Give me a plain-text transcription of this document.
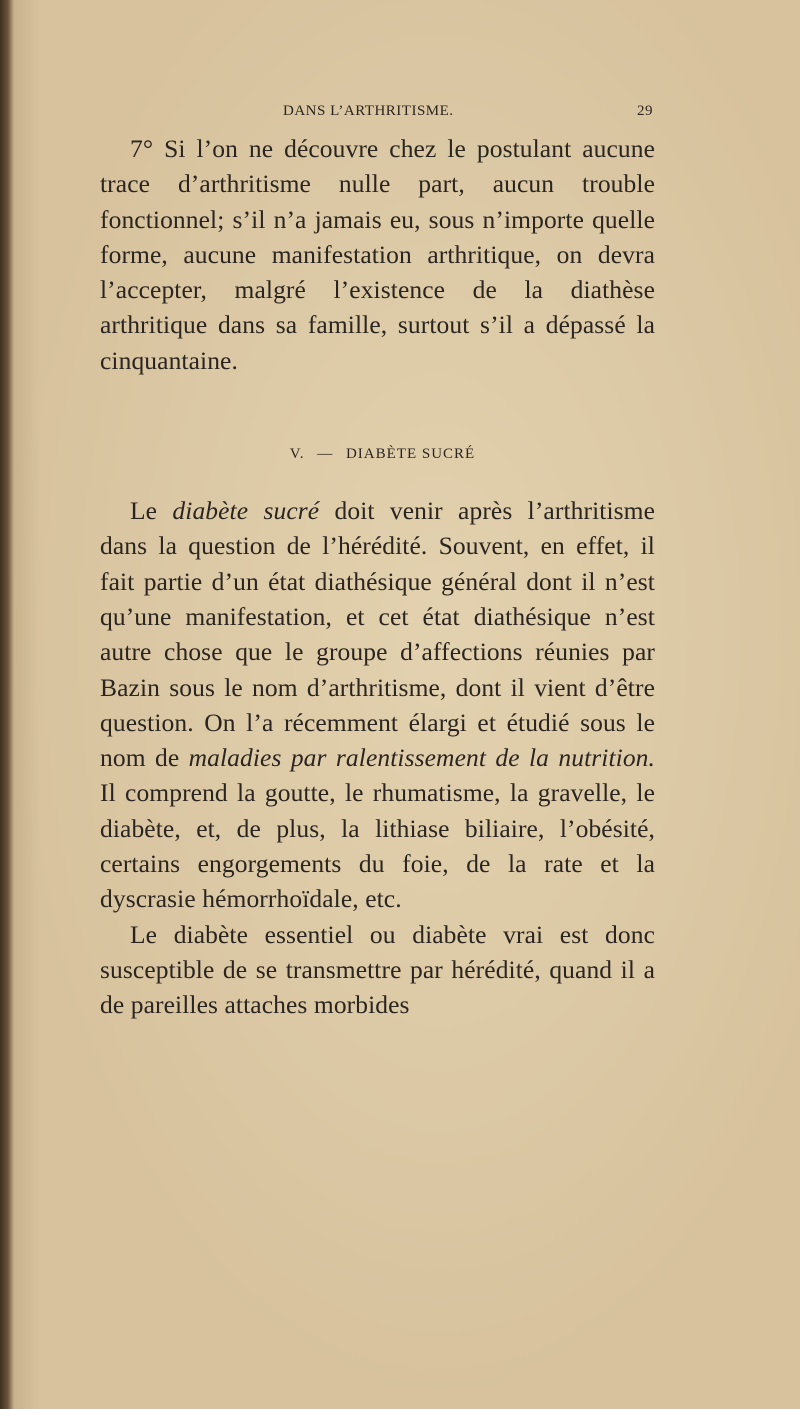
DANS L’ARTHRITISME.	29

7° Si l’on ne découvre chez le postulant aucune trace d’arthritisme nulle part, aucun trouble fonctionnel; s’il n’a jamais eu, sous n’importe quelle forme, aucune manifestation arthritique, on devra l’accepter, malgré l’existence de la diathèse arthritique dans sa famille, surtout s’il a dépassé la cinquantaine.

V. — DIABÈTE SUCRÉ

Le diabète sucré doit venir après l’arthritisme dans la question de l’hérédité. Souvent, en effet, il fait partie d’un état diathésique général dont il n’est qu’une manifestation, et cet état diathésique n’est autre chose que le groupe d’affections réunies par Bazin sous le nom d’arthritisme, dont il vient d’être question. On l’a récemment élargi et étudié sous le nom de maladies par ralentissement de la nutrition. Il comprend la goutte, le rhumatisme, la gravelle, le diabète, et, de plus, la lithiase biliaire, l’obésité, certains engorgements du foie, de la rate et la dyscrasie hémorrhoïdale, etc.

Le diabète essentiel ou diabète vrai est donc susceptible de se transmettre par hérédité, quand il a de pareilles attaches morbides
